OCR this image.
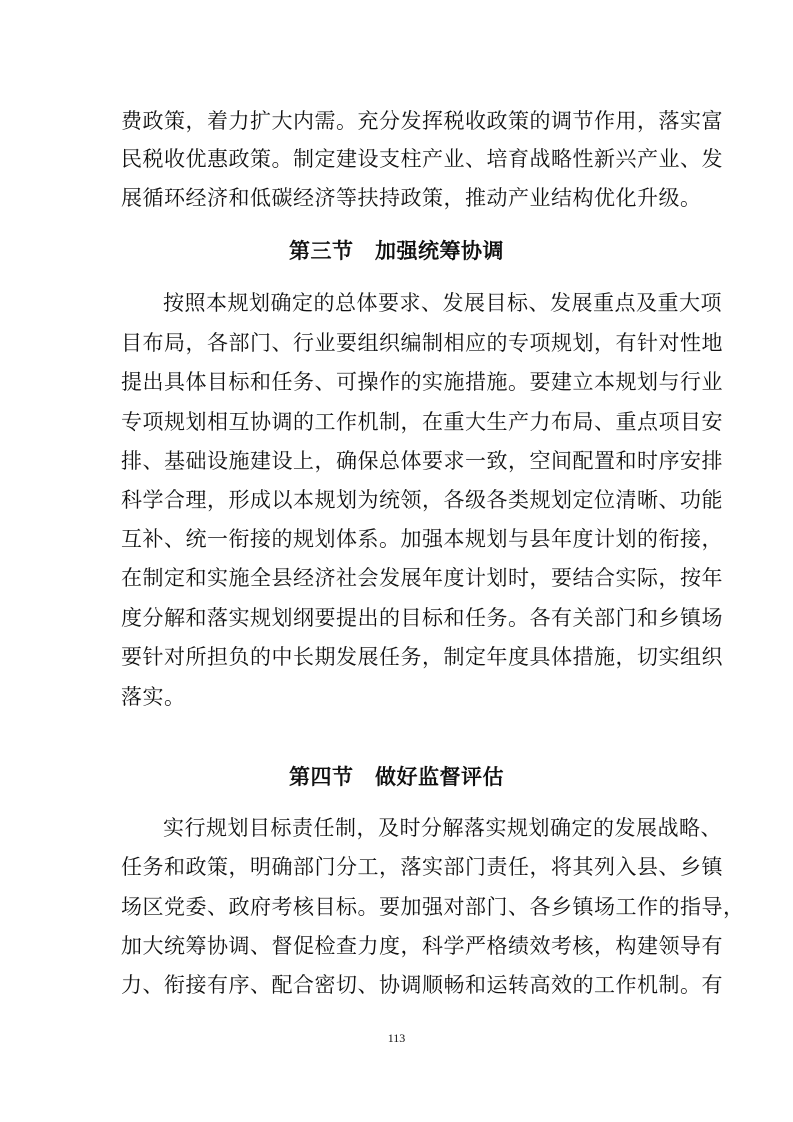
费政策，着力扩大内需。充分发挥税收政策的调节作用，落实富
民税收优惠政策。制定建设支柱产业、培育战略性新兴产业、发
展循环经济和低碳经济等扶持政策，推动产业结构优化升级。
第三节　加强统筹协调
按照本规划确定的总体要求、发展目标、发展重点及重大项
目布局，各部门、行业要组织编制相应的专项规划，有针对性地
提出具体目标和任务、可操作的实施措施。要建立本规划与行业
专项规划相互协调的工作机制，在重大生产力布局、重点项目安
排、基础设施建设上，确保总体要求一致，空间配置和时序安排
科学合理，形成以本规划为统领，各级各类规划定位清晰、功能
互补、统一衔接的规划体系。加强本规划与县年度计划的衔接，
在制定和实施全县经济社会发展年度计划时，要结合实际，按年
度分解和落实规划纲要提出的目标和任务。各有关部门和乡镇场
要针对所担负的中长期发展任务，制定年度具体措施，切实组织
落实。
第四节　做好监督评估
实行规划目标责任制，及时分解落实规划确定的发展战略、
任务和政策，明确部门分工，落实部门责任，将其列入县、乡镇
场区党委、政府考核目标。要加强对部门、各乡镇场工作的指导，
加大统筹协调、督促检查力度，科学严格绩效考核，构建领导有
力、衔接有序、配合密切、协调顺畅和运转高效的工作机制。有
113
